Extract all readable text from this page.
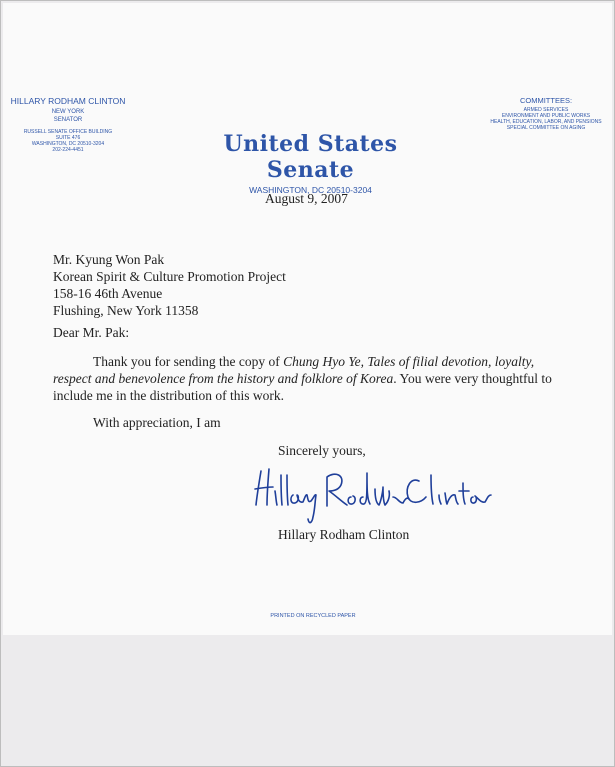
HILLARY RODHAM CLINTON
NEW YORK
SENATOR
RUSSELL SENATE OFFICE BUILDING
SUITE 476
WASHINGTON, DC 20510-3204
202-224-4451
COMMITTEES:
ARMED SERVICES
ENVIRONMENT AND PUBLIC WORKS
HEALTH, EDUCATION, LABOR, AND PENSIONS
SPECIAL COMMITTEE ON AGING
United States Senate
WASHINGTON, DC 20510-3204
August 9, 2007
Mr. Kyung Won Pak
Korean Spirit & Culture Promotion Project
158-16 46th Avenue
Flushing, New York 11358
Dear Mr. Pak:
Thank you for sending the copy of Chung Hyo Ye, Tales of filial devotion, loyalty,
respect and benevolence from the history and folklore of Korea. You were very thoughtful to
include me in the distribution of this work.
With appreciation, I am
Sincerely yours,
Hillary Rodham Clinton
PRINTED ON RECYCLED PAPER
